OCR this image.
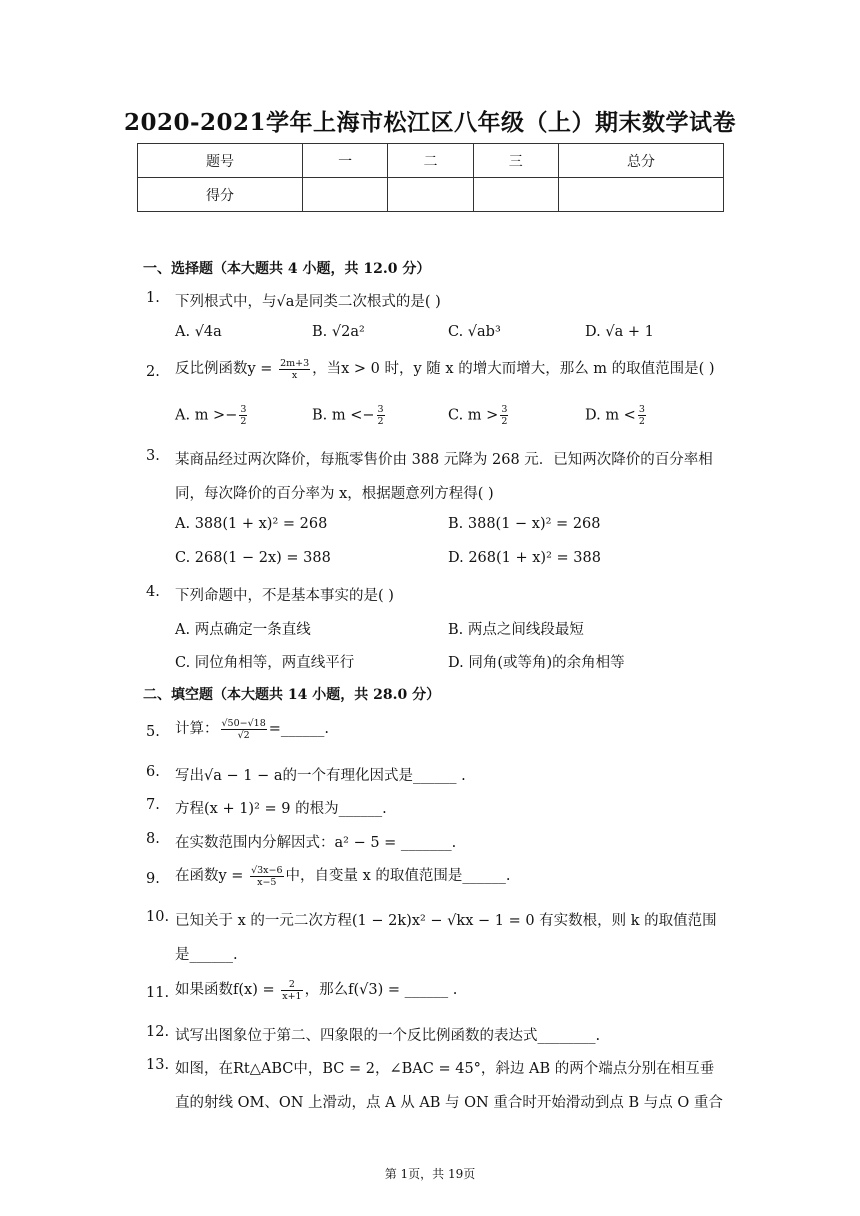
2020-2021学年上海市松江区八年级（上）期末数学试卷
题号	一	二	三	总分
得分				
一、选择题（本大题共 4 小题，共 12.0 分）
1. 下列根式中，与√a是同类二次根式的是( )
A. √4a	B. √2a²	C. √ab³	D. √a + 1
2. 反比例函数$y = \frac{2m+3}{x}$ ，当x > 0 时，y 随 x 的增大而增大，那么 m 的取值范围是( )
A. $m >- \frac{3}{2}$	B. $m <- \frac{3}{2}$	C. $m > \frac{3}{2}$	D. $m < \frac{3}{2}$
3. 某商品经过两次降价，每瓶零售价由 388 元降为 268 元．已知两次降价的百分率相
同，每次降价的百分率为 x，根据题意列方程得( )
A. 388(1 + x)² = 268	B. 388(1 − x)² = 268
C. 268(1 − 2x) = 388	D. 268(1 + x)² = 388
4. 下列命题中，不是基本事实的是( )
A. 两点确定一条直线	B. 两点之间线段最短
C. 同位角相等，两直线平行	D. 同角(或等角)的余角相等
二、填空题（本大题共 14 小题，共 28.0 分）
5. 计算： $\frac{√50-√18}{√2}$ =______.
6. 写出√a − 1 − a的一个有理化因式是______ .
7. 方程(x + 1)² = 9 的根为______.
8. 在实数范围内分解因式：a² − 5 = _______.
9. 在函数$y = \frac{√3x-6}{x-5}$ 中，自变量 x 的取值范围是______.
10. 已知关于 x 的一元二次方程(1 − 2k)x² − √kx − 1 = 0 有实数根，则 k 的取值范围
是______.
11. 如果函数$f(x) = \frac{2}{x+1}$ ，那么f(√3) = ______ .
12. 试写出图象位于第二、四象限的一个反比例函数的表达式________.
13. 如图，在Rt△ABC中，BC = 2，∠BAC = 45°，斜边 AB 的两个端点分别在相互垂
直的射线 OM、ON 上滑动，点 A 从 AB 与 ON 重合时开始滑动到点 B 与点 O 重合
第 1页，共 19页
